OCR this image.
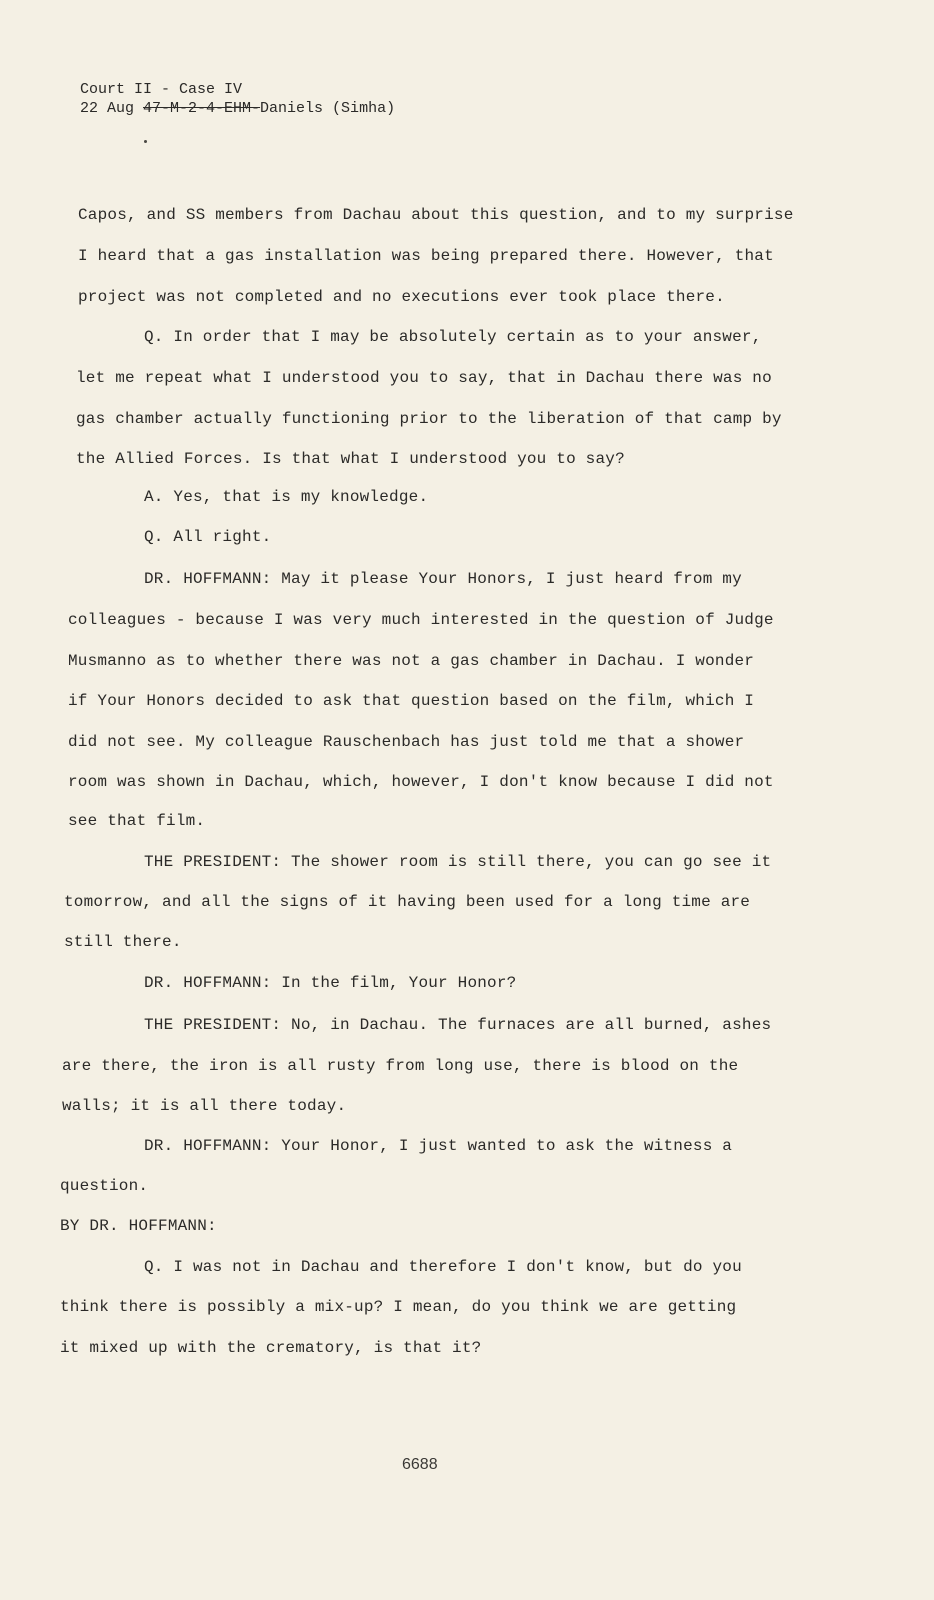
Court II - Case IV
22 Aug 47-M-2-4-EHM-Daniels (Simha)
Capos, and SS members from Dachau about this question, and to my surprise
I heard that a gas installation was being prepared there. However, that
project was not completed and no executions ever took place there.
Q. In order that I may be absolutely certain as to your answer,
let me repeat what I understood you to say, that in Dachau there was no
gas chamber actually functioning prior to the liberation of that camp by
the Allied Forces. Is that what I understood you to say?
A. Yes, that is my knowledge.
Q. All right.
DR. HOFFMANN: May it please Your Honors, I just heard from my
colleagues - because I was very much interested in the question of Judge
Musmanno as to whether there was not a gas chamber in Dachau. I wonder
if Your Honors decided to ask that question based on the film, which I
did not see. My colleague Rauschenbach has just told me that a shower
room was shown in Dachau, which, however, I don't know because I did not
see that film.
THE PRESIDENT: The shower room is still there, you can go see it
tomorrow, and all the signs of it having been used for a long time are
still there.
DR. HOFFMANN: In the film, Your Honor?
THE PRESIDENT: No, in Dachau. The furnaces are all burned, ashes
are there, the iron is all rusty from long use, there is blood on the
walls; it is all there today.
DR. HOFFMANN: Your Honor, I just wanted to ask the witness a
question.
BY DR. HOFFMANN:
Q. I was not in Dachau and therefore I don't know, but do you
think there is possibly a mix-up? I mean, do you think we are getting
it mixed up with the crematory, is that it?
6688
